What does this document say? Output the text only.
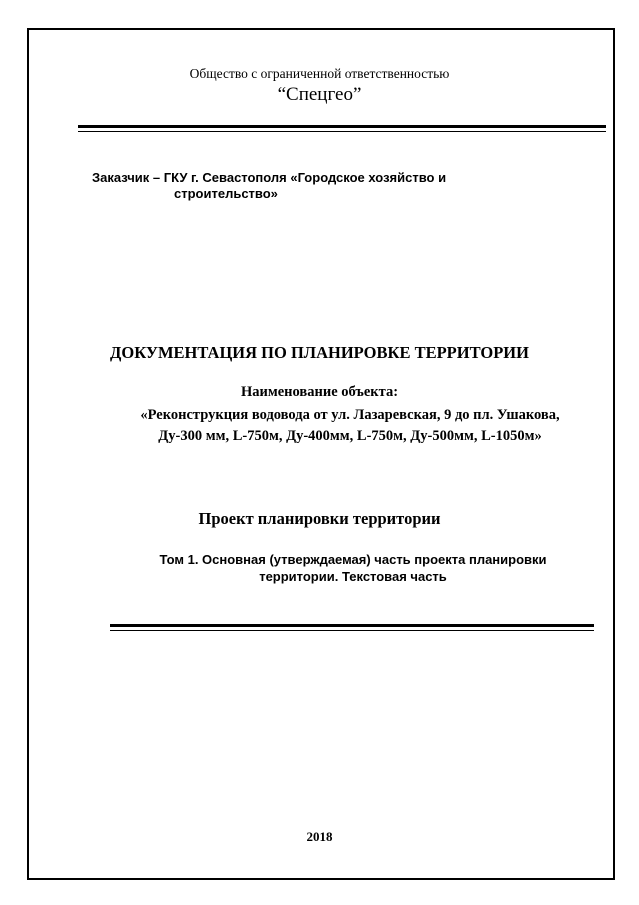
Общество с ограниченной ответственностью
“Спецгео”
Заказчик – ГКУ г. Севастополя «Городское хозяйство и
строительство»
ДОКУМЕНТАЦИЯ ПО ПЛАНИРОВКЕ ТЕРРИТОРИИ
Наименование объекта:
«Реконструкция водовода от ул. Лазаревская, 9 до пл. Ушакова,
Ду-300 мм, L-750м, Ду-400мм, L-750м, Ду-500мм, L-1050м»
Проект планировки территории
Том 1. Основная (утверждаемая) часть проекта планировки
территории. Текстовая часть
2018
